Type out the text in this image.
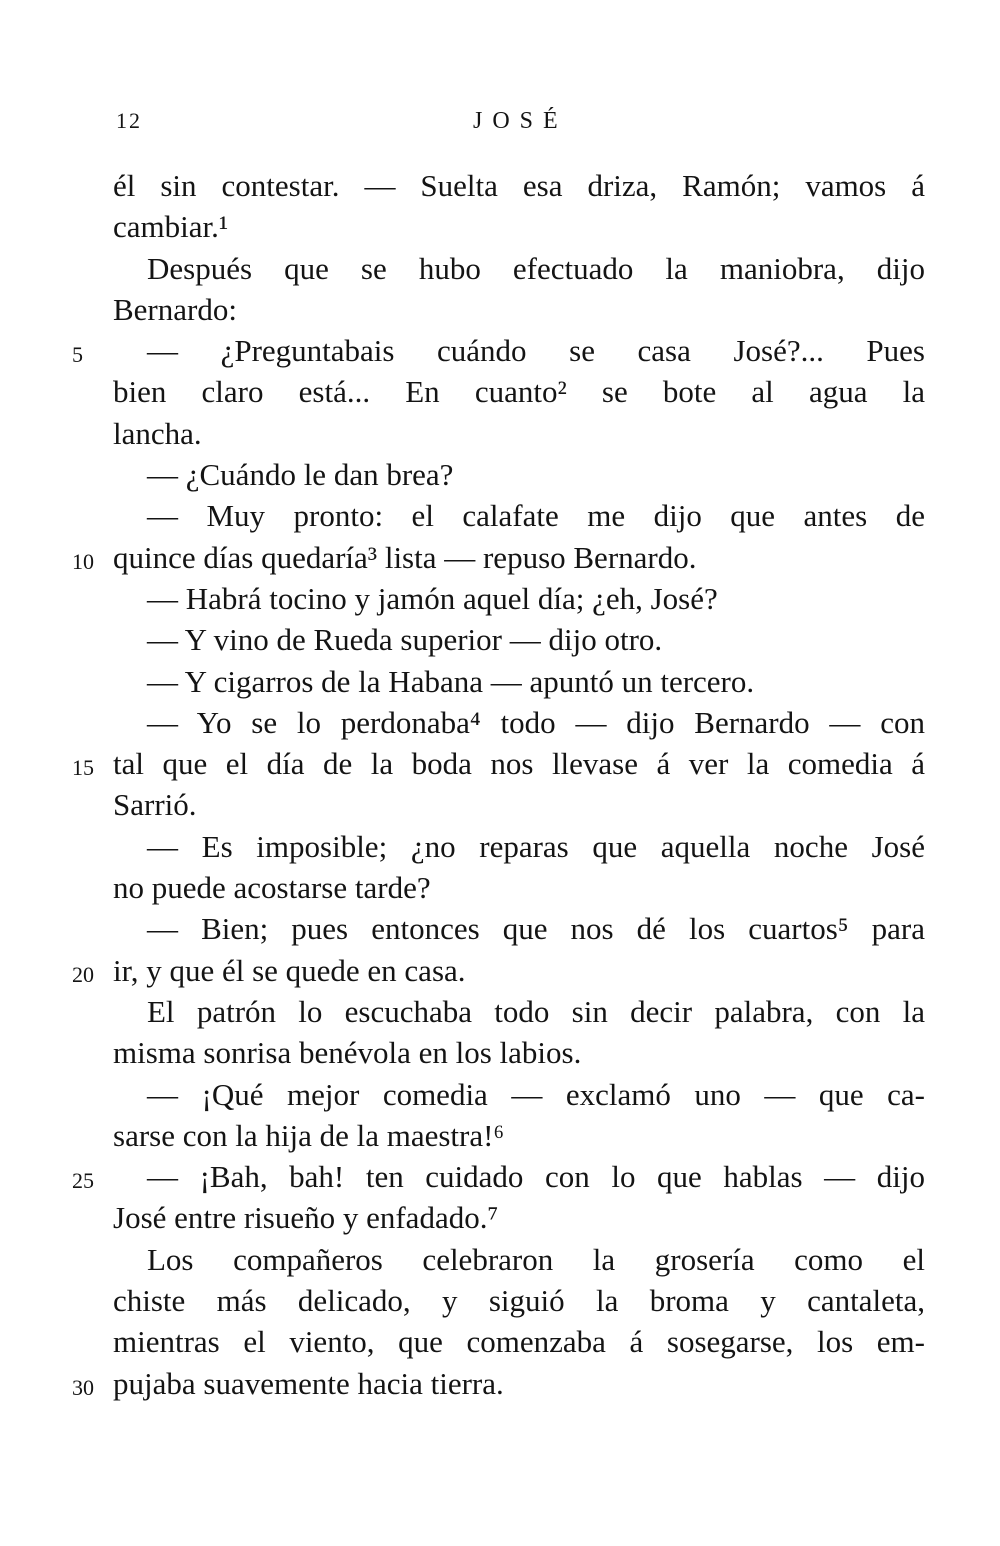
12	JOSÉ
él sin contestar. — Suelta esa driza, Ramón; vamos á
cambiar.¹
Después que se hubo efectuado la maniobra, dijo
Bernardo:
5	— ¿Preguntabais cuándo se casa José?... Pues
bien claro está... En cuanto² se bote al agua la
lancha.
— ¿Cuándo le dan brea?
— Muy pronto: el calafate me dijo que antes de
10 quince días quedaría³ lista — repuso Bernardo.
— Habrá tocino y jamón aquel día; ¿eh, José?
— Y vino de Rueda superior — dijo otro.
— Y cigarros de la Habana — apuntó un tercero.
— Yo se lo perdonaba⁴ todo — dijo Bernardo — con
15 tal que el día de la boda nos llevase á ver la comedia á
Sarrió.
— Es imposible; ¿no reparas que aquella noche José
no puede acostarse tarde?
— Bien; pues entonces que nos dé los cuartos⁵ para
20 ir, y que él se quede en casa.
El patrón lo escuchaba todo sin decir palabra, con la
misma sonrisa benévola en los labios.
— ¡Qué mejor comedia — exclamó uno — que ca-
sarse con la hija de la maestra!⁶
25	— ¡Bah, bah! ten cuidado con lo que hablas — dijo
José entre risueño y enfadado.⁷
Los compañeros celebraron la grosería como el
chiste más delicado, y siguió la broma y cantaleta,
mientras el viento, que comenzaba á sosegarse, los em-
30 pujaba suavemente hacia tierra.
